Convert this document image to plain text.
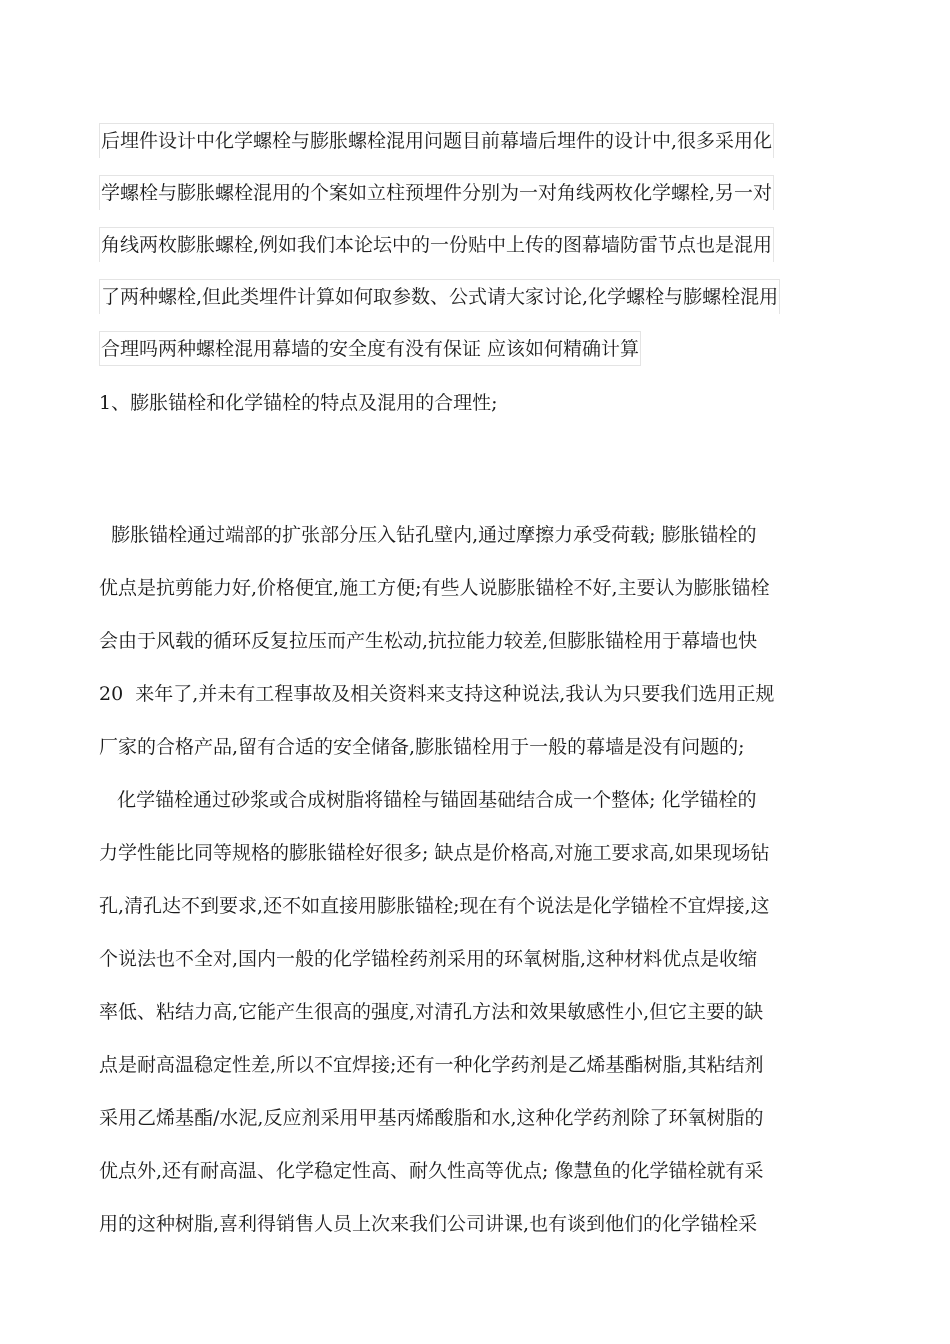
后埋件设计中化学螺栓与膨胀螺栓混用问题目前幕墙后埋件的设计中,很多采用化
学螺栓与膨胀螺栓混用的个案如立柱预埋件分别为一对角线两枚化学螺栓,另一对
角线两枚膨胀螺栓,例如我们本论坛中的一份贴中上传的图幕墙防雷节点也是混用
了两种螺栓,但此类埋件计算如何取参数、公式请大家讨论,化学螺栓与膨螺栓混用
合理吗两种螺栓混用幕墙的安全度有没有保证 应该如何精确计算
1、膨胀锚栓和化学锚栓的特点及混用的合理性;
膨胀锚栓通过端部的扩张部分压入钻孔壁内,通过摩擦力承受荷载; 膨胀锚栓的
优点是抗剪能力好,价格便宜,施工方便;有些人说膨胀锚栓不好,主要认为膨胀锚栓
会由于风载的循环反复拉压而产生松动,抗拉能力较差,但膨胀锚栓用于幕墙也快
20  来年了,并未有工程事故及相关资料来支持这种说法,我认为只要我们选用正规
厂家的合格产品,留有合适的安全储备,膨胀锚栓用于一般的幕墙是没有问题的;
化学锚栓通过砂浆或合成树脂将锚栓与锚固基础结合成一个整体; 化学锚栓的
力学性能比同等规格的膨胀锚栓好很多; 缺点是价格高,对施工要求高,如果现场钻
孔,清孔达不到要求,还不如直接用膨胀锚栓;现在有个说法是化学锚栓不宜焊接,这
个说法也不全对,国内一般的化学锚栓药剂采用的环氧树脂,这种材料优点是收缩
率低、粘结力高,它能产生很高的强度,对清孔方法和效果敏感性小,但它主要的缺
点是耐高温稳定性差,所以不宜焊接;还有一种化学药剂是乙烯基酯树脂,其粘结剂
采用乙烯基酯/水泥,反应剂采用甲基丙烯酸脂和水,这种化学药剂除了环氧树脂的
优点外,还有耐高温、化学稳定性高、耐久性高等优点; 像慧鱼的化学锚栓就有采
用的这种树脂,喜利得销售人员上次来我们公司讲课,也有谈到他们的化学锚栓采
